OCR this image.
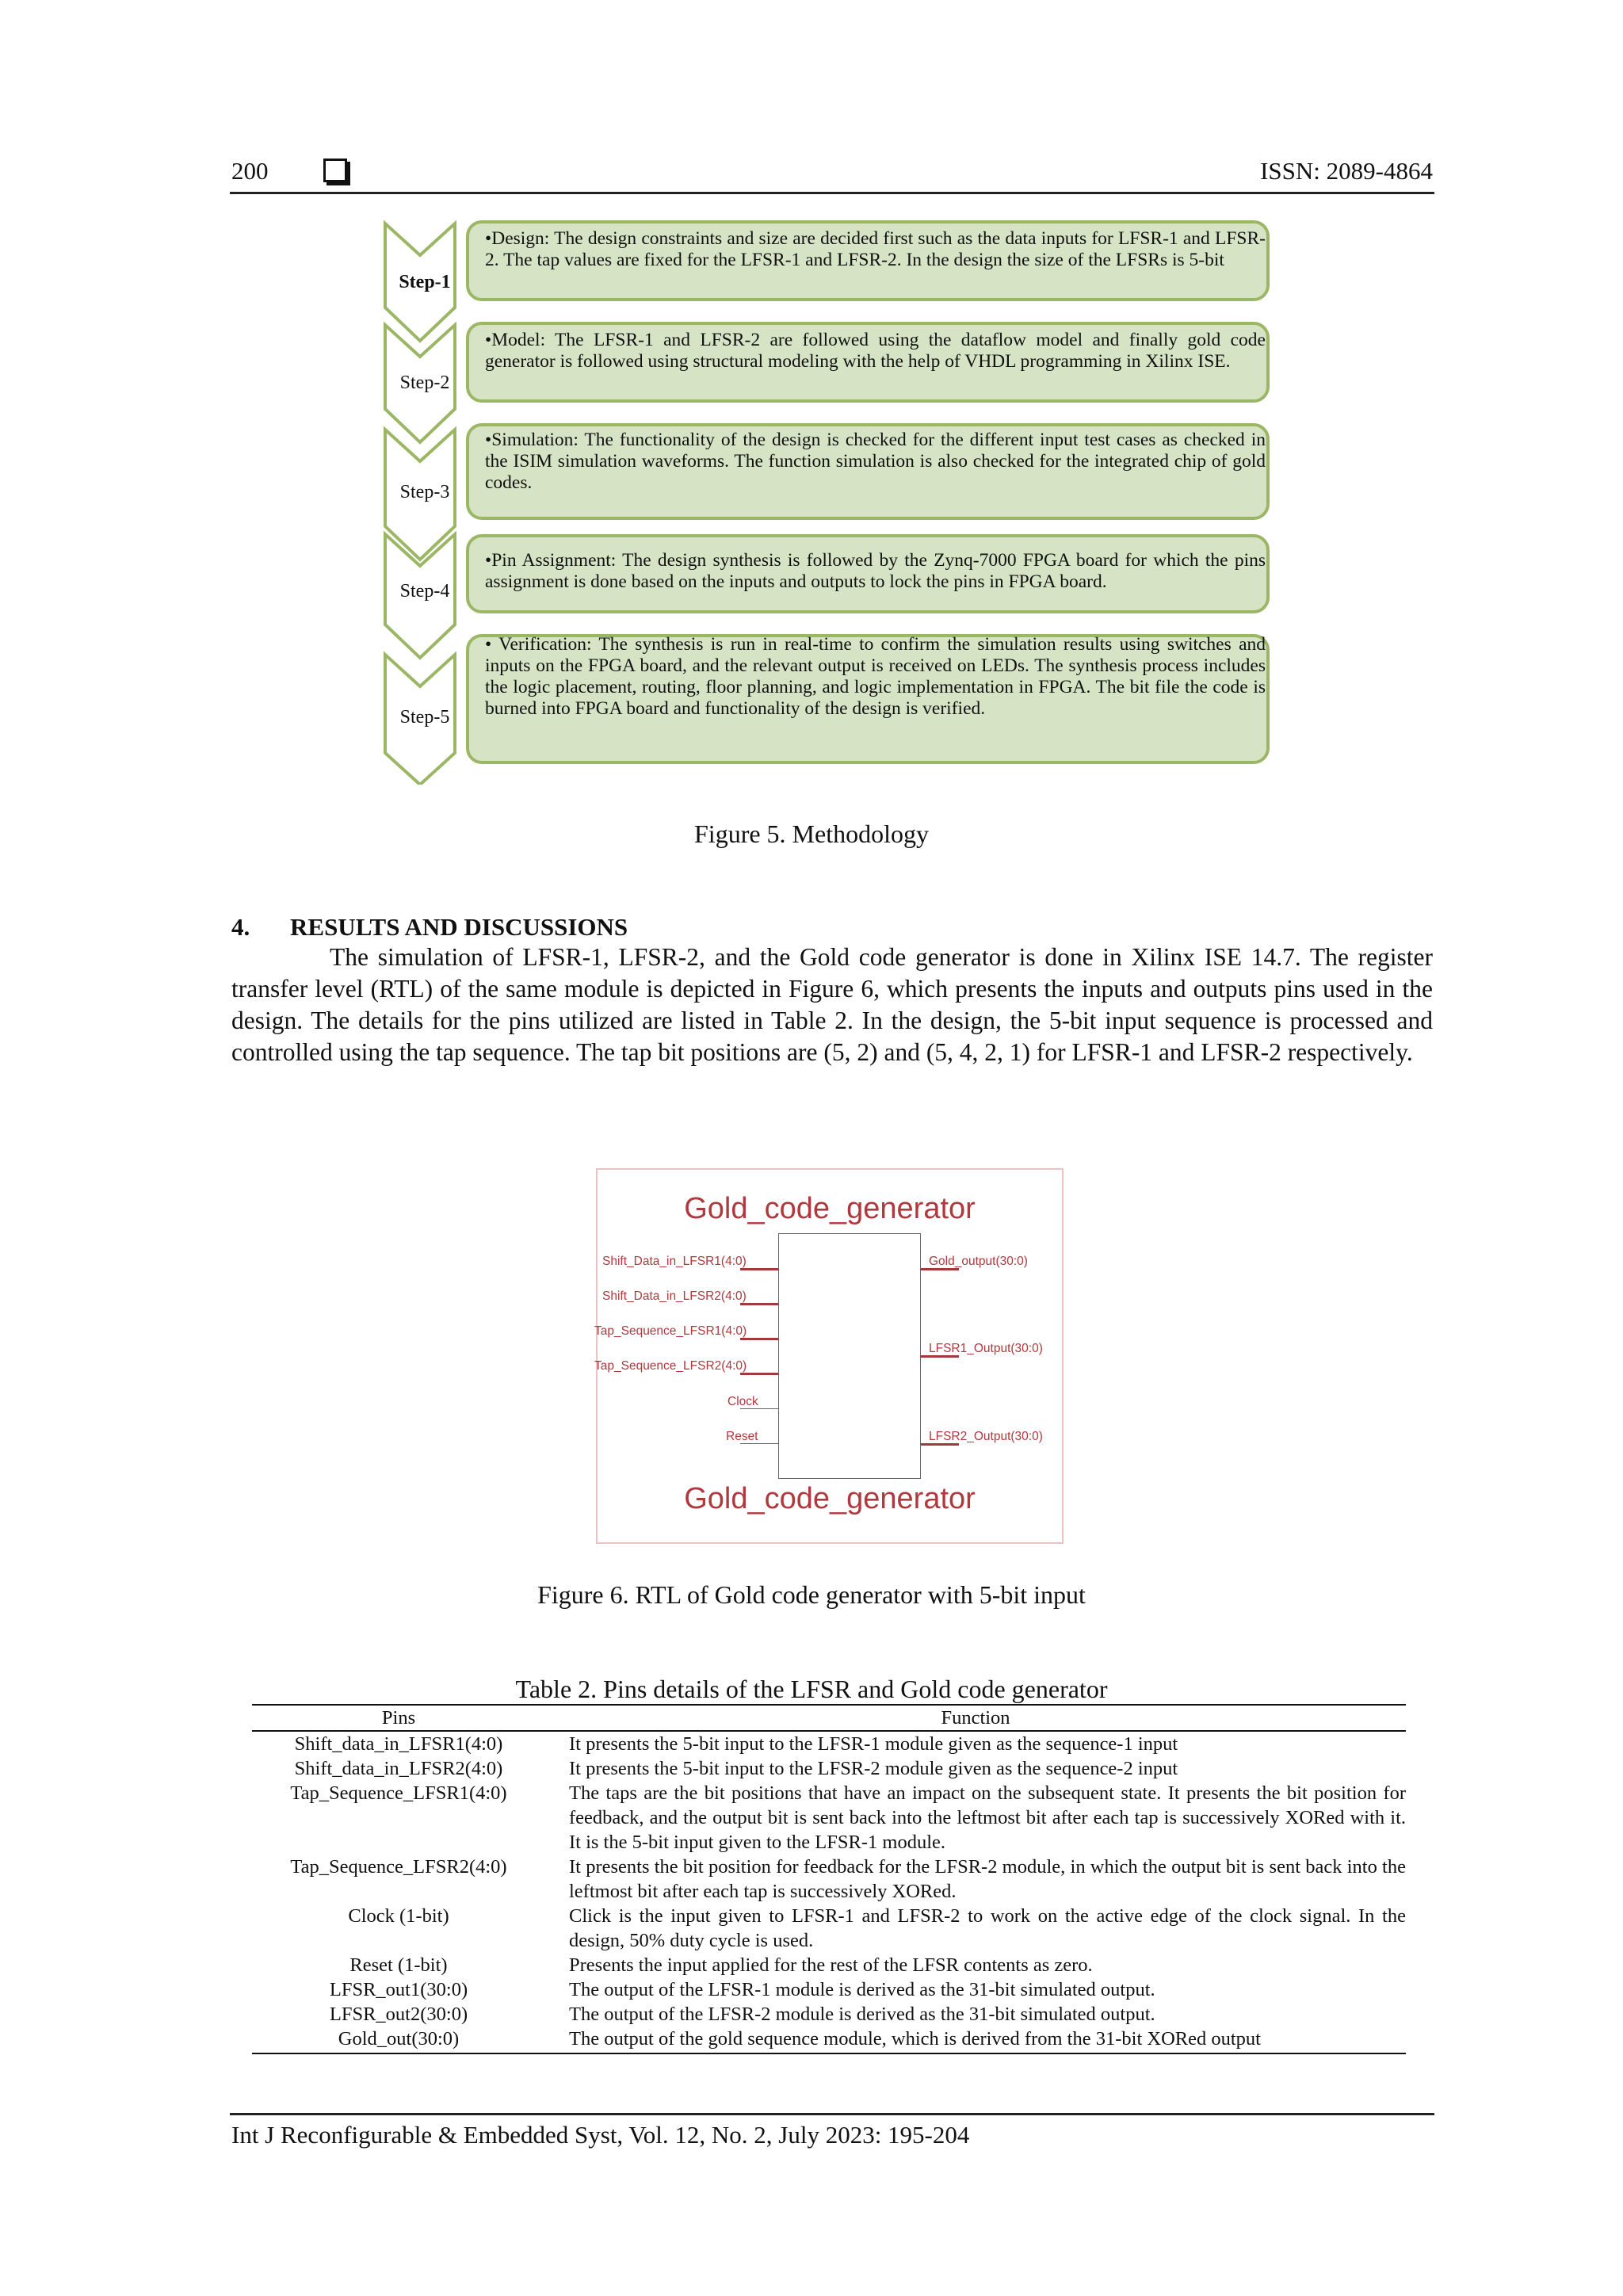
200	ISSN: 2089-4864
Step-1
Step-2
Step-3
Step-4
Step-5
•Design: The design constraints and size are decided first such as the data inputs for LFSR-1 and LFSR-2. The tap values are fixed for the LFSR-1 and LFSR-2. In the design the size of the LFSRs is 5-bit
•Model: The LFSR-1 and LFSR-2 are followed using the dataflow model and finally gold code generator is followed using structural modeling with the help of VHDL programming in Xilinx ISE.
•Simulation: The functionality of the design is checked for the different input test cases as checked in the ISIM simulation waveforms. The function simulation is also checked for the integrated chip of gold codes.
•Pin Assignment: The design synthesis is followed by the Zynq-7000 FPGA board for which the pins assignment is done based on the inputs and outputs to lock the pins in FPGA board.
• Verification: The synthesis is run in real-time to confirm the simulation results using switches and inputs on the FPGA board, and the relevant output is received on LEDs. The synthesis process includes the logic placement, routing, floor planning, and logic implementation in FPGA. The bit file the code is burned into FPGA board and functionality of the design is verified.
Figure 5. Methodology
4. RESULTS AND DISCUSSIONS
The simulation of LFSR-1, LFSR-2, and the Gold code generator is done in Xilinx ISE 14.7. The register transfer level (RTL) of the same module is depicted in Figure 6, which presents the inputs and outputs pins used in the design. The details for the pins utilized are listed in Table 2. In the design, the 5-bit input sequence is processed and controlled using the tap sequence. The tap bit positions are (5, 2) and (5, 4, 2, 1) for LFSR-1 and LFSR-2 respectively.
Gold_code_generator
Gold_code_generator
Shift_Data_in_LFSR1(4:0)
Shift_Data_in_LFSR2(4:0)
Tap_Sequence_LFSR1(4:0)
Tap_Sequence_LFSR2(4:0)
Clock
Reset
Gold_output(30:0)
LFSR1_Output(30:0)
LFSR2_Output(30:0)
Figure 6. RTL of Gold code generator with 5-bit input
Table 2. Pins details of the LFSR and Gold code generator
Pins	Function
Shift_data_in_LFSR1(4:0)	It presents the 5-bit input to the LFSR-1 module given as the sequence-1 input
Shift_data_in_LFSR2(4:0)	It presents the 5-bit input to the LFSR-2 module given as the sequence-2 input
Tap_Sequence_LFSR1(4:0)	The taps are the bit positions that have an impact on the subsequent state. It presents the bit position for feedback, and the output bit is sent back into the leftmost bit after each tap is successively XORed with it. It is the 5-bit input given to the LFSR-1 module.
Tap_Sequence_LFSR2(4:0)	It presents the bit position for feedback for the LFSR-2 module, in which the output bit is sent back into the leftmost bit after each tap is successively XORed.
Clock (1-bit)	Click is the input given to LFSR-1 and LFSR-2 to work on the active edge of the clock signal. In the design, 50% duty cycle is used.
Reset (1-bit)	Presents the input applied for the rest of the LFSR contents as zero.
LFSR_out1(30:0)	The output of the LFSR-1 module is derived as the 31-bit simulated output.
LFSR_out2(30:0)	The output of the LFSR-2 module is derived as the 31-bit simulated output.
Gold_out(30:0)	The output of the gold sequence module, which is derived from the 31-bit XORed output
Int J Reconfigurable & Embedded Syst, Vol. 12, No. 2, July 2023: 195-204
